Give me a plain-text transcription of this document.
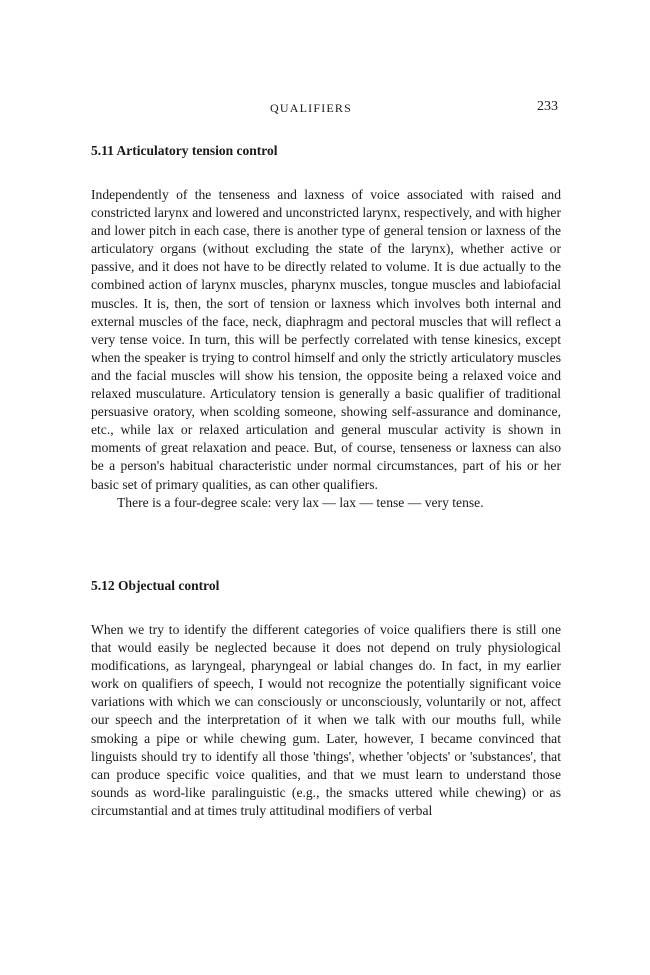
QUALIFIERS	233
5.11 Articulatory tension control

Independently of the tenseness and laxness of voice associated with raised and constricted larynx and lowered and unconstricted larynx, respectively, and with higher and lower pitch in each case, there is another type of general tension or laxness of the articulatory organs (without excluding the state of the larynx), whether active or passive, and it does not have to be directly related to volume. It is due actually to the combined action of larynx muscles, pharynx muscles, tongue muscles and labiofacial muscles. It is, then, the sort of tension or laxness which involves both internal and external muscles of the face, neck, diaphragm and pectoral muscles that will reflect a very tense voice. In turn, this will be perfectly correlated with tense kinesics, except when the speaker is trying to control himself and only the strictly articulatory muscles and the facial muscles will show his tension, the opposite being a relaxed voice and relaxed musculature. Articulatory tension is generally a basic qualifier of traditional persuasive oratory, when scolding someone, showing self-assurance and dominance, etc., while lax or relaxed articulation and general muscular activity is shown in moments of great relaxation and peace. But, of course, tenseness or laxness can also be a person's habitual characteristic under normal circumstances, part of his or her basic set of primary qualities, as can other qualifiers.

There is a four-degree scale: very lax — lax — tense — very tense.

5.12 Objectual control

When we try to identify the different categories of voice qualifiers there is still one that would easily be neglected because it does not depend on truly physiological modifications, as laryngeal, pharyngeal or labial changes do. In fact, in my earlier work on qualifiers of speech, I would not recognize the potentially significant voice variations with which we can consciously or unconsciously, voluntarily or not, affect our speech and the interpretation of it when we talk with our mouths full, while smoking a pipe or while chewing gum. Later, however, I became convinced that linguists should try to identify all those 'things', whether 'objects' or 'substances', that can produce specific voice qualities, and that we must learn to understand those sounds as word-like paralinguistic (e.g., the smacks uttered while chewing) or as circumstantial and at times truly attitudinal modifiers of verbal
